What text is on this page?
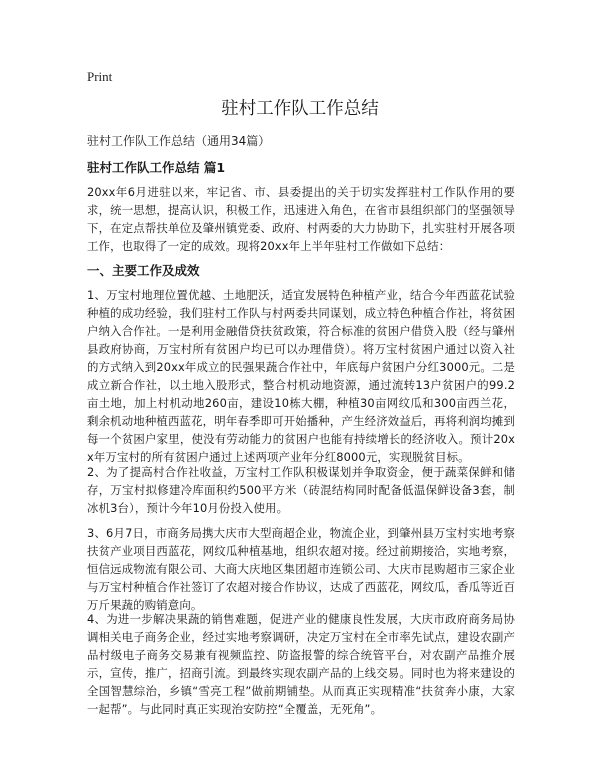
Print
驻村工作队工作总结
驻村工作队工作总结（通用34篇）
驻村工作队工作总结 篇1

20xx年6月进驻以来，牢记省、市、县委提出的关于切实发挥驻村工作队作用的要求，统一思想，提高认识，积极工作，迅速进入角色，在省市县组织部门的坚强领导下，在定点帮扶单位及肇州镇党委、政府、村两委的大力协助下，扎实驻村开展各项工作，也取得了一定的成效。现将20xx年上半年驻村工作做如下总结：

一、主要工作及成效

1、万宝村地理位置优越、土地肥沃，适宜发展特色种植产业，结合今年西蓝花试验种植的成功经验，我们驻村工作队与村两委共同谋划，成立特色种植合作社，将贫困户纳入合作社。一是利用金融借贷扶贫政策，符合标准的贫困户借贷入股（经与肇州县政府协商，万宝村所有贫困户均已可以办理借贷）。将万宝村贫困户通过以资入社的方式纳入到20xx年成立的民强果蔬合作社中，年底每户贫困户分红3000元。二是成立新合作社，以土地入股形式，整合村机动地资源，通过流转13户贫困户的99.2亩土地，加上村机动地260亩，建设10栋大棚，种植30亩网纹瓜和300亩西兰花，剩余机动地种植西蓝花，明年春季即可开始播种，产生经济效益后，再将利润均摊到每一个贫困户家里，使没有劳动能力的贫困户也能有持续增长的经济收入。预计20xx年万宝村的所有贫困户通过上述两项产业年分红8000元，实现脱贫目标。

2、为了提高村合作社收益，万宝村工作队积极谋划并争取资金，便于蔬菜保鲜和储存，万宝村拟修建冷库面积约500平方米（砖混结构同时配备低温保鲜设备3套，制冰机3台），预计今年10月份投入使用。

3、6月7日，市商务局携大庆市大型商超企业，物流企业，到肇州县万宝村实地考察扶贫产业项目西蓝花，网纹瓜种植基地，组织农超对接。经过前期接洽，实地考察，恒信远成物流有限公司、大商大庆地区集团超市连锁公司、大庆市昆购超市三家企业与万宝村种植合作社签订了农超对接合作协议，达成了西蓝花，网纹瓜，香瓜等近百万斤果蔬的购销意向。

4、为进一步解决果蔬的销售难题，促进产业的健康良性发展，大庆市政府商务局协调相关电子商务企业，经过实地考察调研，决定万宝村在全市率先试点，建设农副产品村级电子商务交易兼有视频监控、防盗报警的综合统管平台，对农副产品推介展示，宣传，推广，招商引流。到最终实现农副产品的上线交易。同时也为将来建设的全国智慧综治，乡镇“雪亮工程”做前期铺垫。从而真正实现精准“扶贫奔小康，大家一起帮”。与此同时真正实现治安防控“全覆盖，无死角”。
